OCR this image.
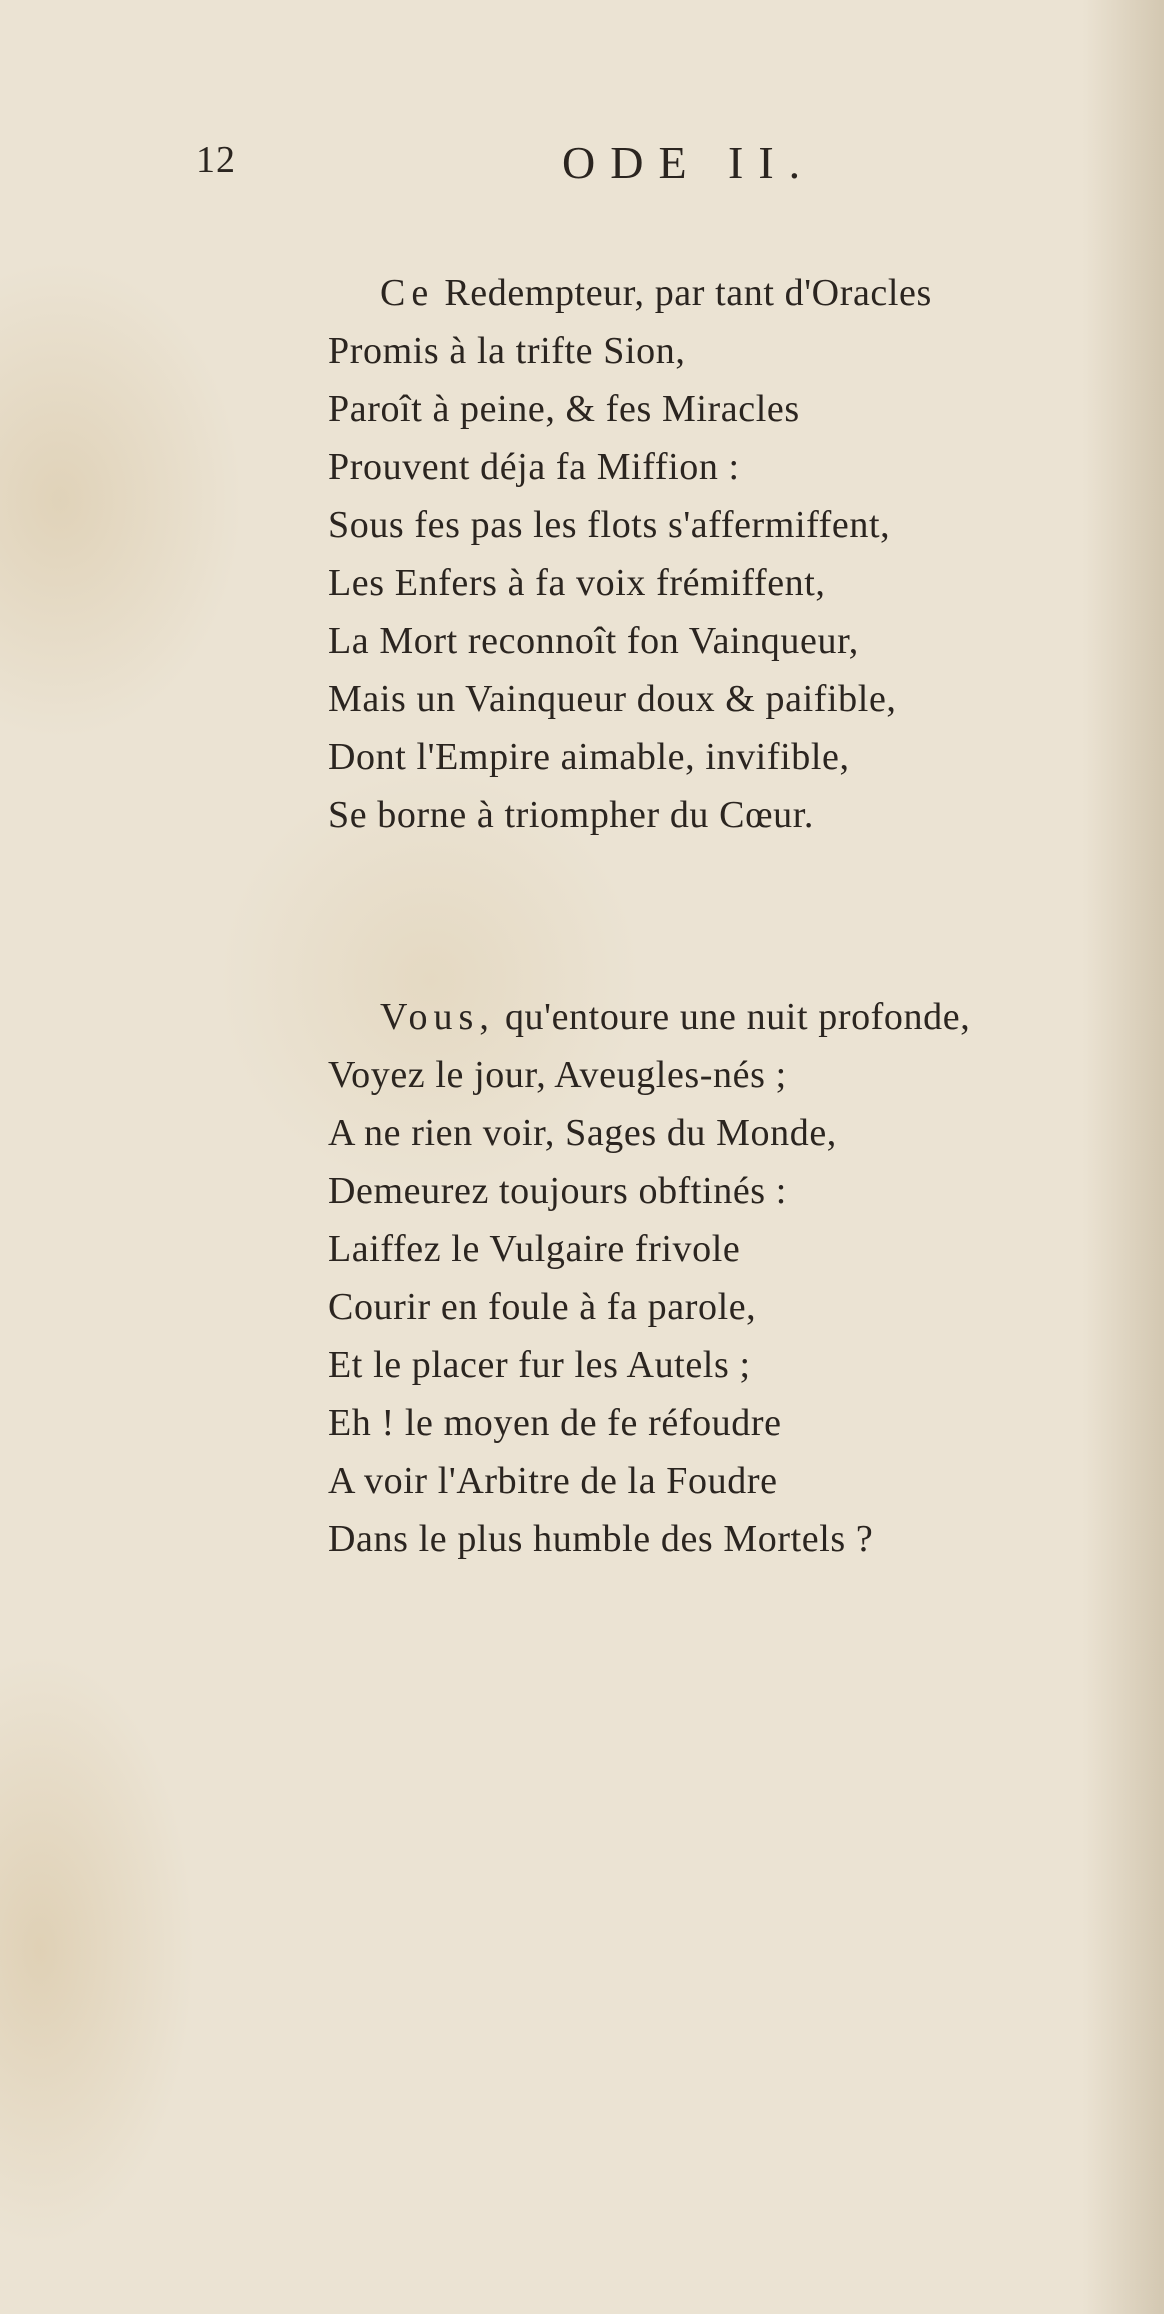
12	ODE II.
Ce Redempteur, par tant d'Oracles
Promis à la trifte Sion,
Paroît à peine, & fes Miracles
Prouvent déja fa Miffion :
Sous fes pas les flots s'affermiffent,
Les Enfers à fa voix frémiffent,
La Mort reconnoît fon Vainqueur,
Mais un Vainqueur doux & paifible,
Dont l'Empire aimable, invifible,
Se borne à triompher du Cœur.
Vous, qu'entoure une nuit profonde,
Voyez le jour, Aveugles-nés ;
A ne rien voir, Sages du Monde,
Demeurez toujours obftinés :
Laiffez le Vulgaire frivole
Courir en foule à fa parole,
Et le placer fur les Autels ;
Eh ! le moyen de fe réfoudre
A voir l'Arbitre de la Foudre
Dans le plus humble des Mortels ?
